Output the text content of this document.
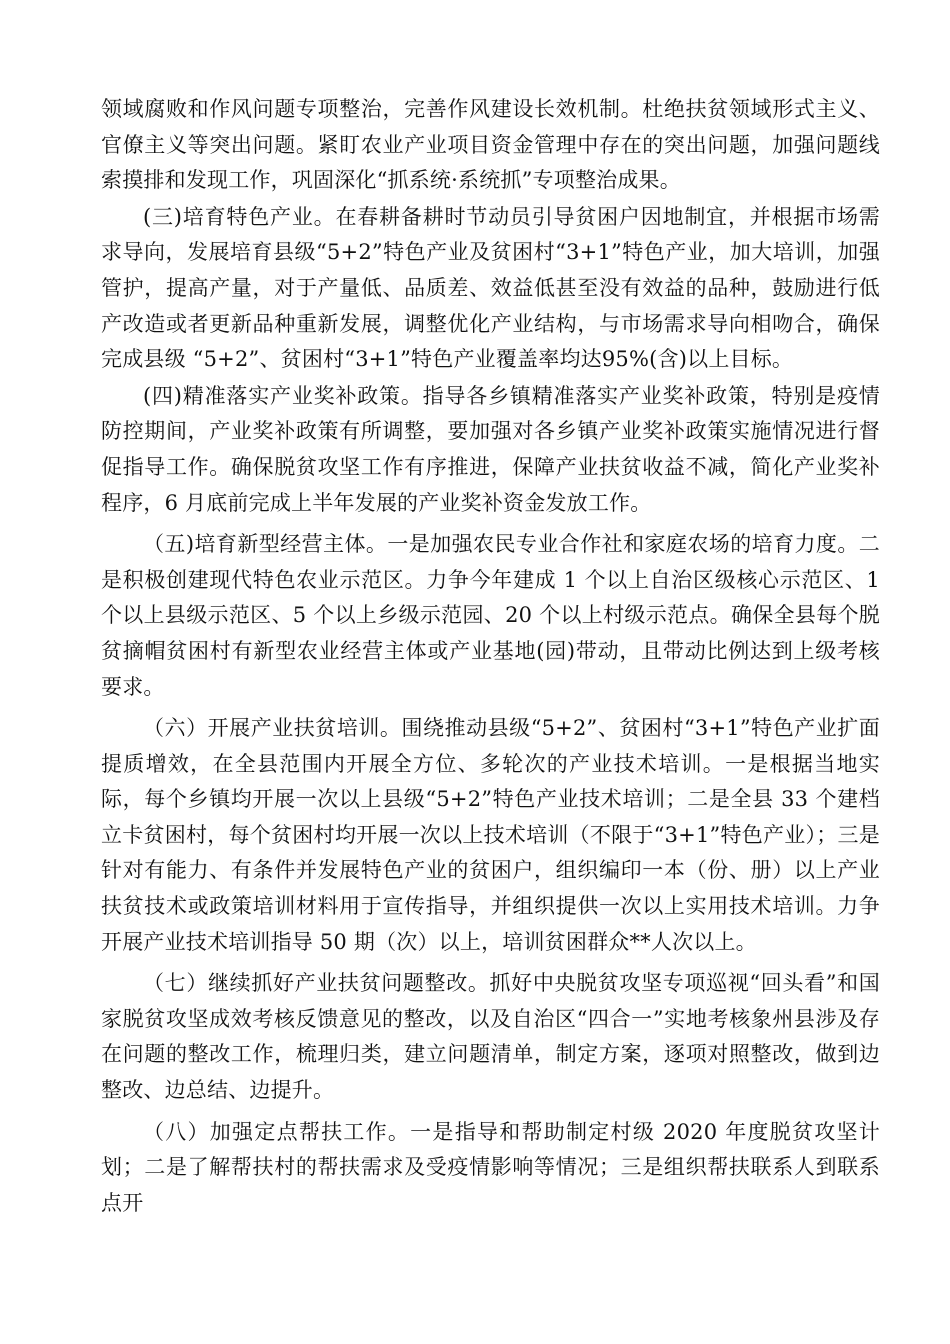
领域腐败和作风问题专项整治，完善作风建设长效机制。杜绝扶贫领域形式主义、官僚主义等突出问题。紧盯农业产业项目资金管理中存在的突出问题，加强问题线索摸排和发现工作，巩固深化“抓系统·系统抓”专项整治成果。

(三)培育特色产业。在春耕备耕时节动员引导贫困户因地制宜，并根据市场需求导向，发展培育县级“5+2”特色产业及贫困村“3+1”特色产业，加大培训，加强管护，提高产量，对于产量低、品质差、效益低甚至没有效益的品种，鼓励进行低产改造或者更新品种重新发展，调整优化产业结构，与市场需求导向相吻合，确保完成县级 “5+2”、贫困村“3+1”特色产业覆盖率均达95%(含)以上目标。

(四)精准落实产业奖补政策。指导各乡镇精准落实产业奖补政策，特别是疫情防控期间，产业奖补政策有所调整，要加强对各乡镇产业奖补政策实施情况进行督促指导工作。确保脱贫攻坚工作有序推进，保障产业扶贫收益不减，简化产业奖补程序，6 月底前完成上半年发展的产业奖补资金发放工作。

（五)培育新型经营主体。一是加强农民专业合作社和家庭农场的培育力度。二是积极创建现代特色农业示范区。力争今年建成 1 个以上自治区级核心示范区、1 个以上县级示范区、5 个以上乡级示范园、20 个以上村级示范点。确保全县每个脱贫摘帽贫困村有新型农业经营主体或产业基地(园)带动，且带动比例达到上级考核要求。

（六）开展产业扶贫培训。围绕推动县级“5+2”、贫困村“3+1”特色产业扩面提质增效，在全县范围内开展全方位、多轮次的产业技术培训。一是根据当地实际，每个乡镇均开展一次以上县级“5+2”特色产业技术培训；二是全县 33 个建档立卡贫困村，每个贫困村均开展一次以上技术培训（不限于“3+1”特色产业）；三是针对有能力、有条件并发展特色产业的贫困户，组织编印一本（份、册）以上产业扶贫技术或政策培训材料用于宣传指导，并组织提供一次以上实用技术培训。力争开展产业技术培训指导 50 期（次）以上，培训贫困群众**人次以上。

（七）继续抓好产业扶贫问题整改。抓好中央脱贫攻坚专项巡视“回头看”和国家脱贫攻坚成效考核反馈意见的整改，以及自治区“四合一”实地考核象州县涉及存在问题的整改工作，梳理归类，建立问题清单，制定方案，逐项对照整改，做到边整改、边总结、边提升。

（八）加强定点帮扶工作。一是指导和帮助制定村级 2020 年度脱贫攻坚计划；二是了解帮扶村的帮扶需求及受疫情影响等情况；三是组织帮扶联系人到联系点开
